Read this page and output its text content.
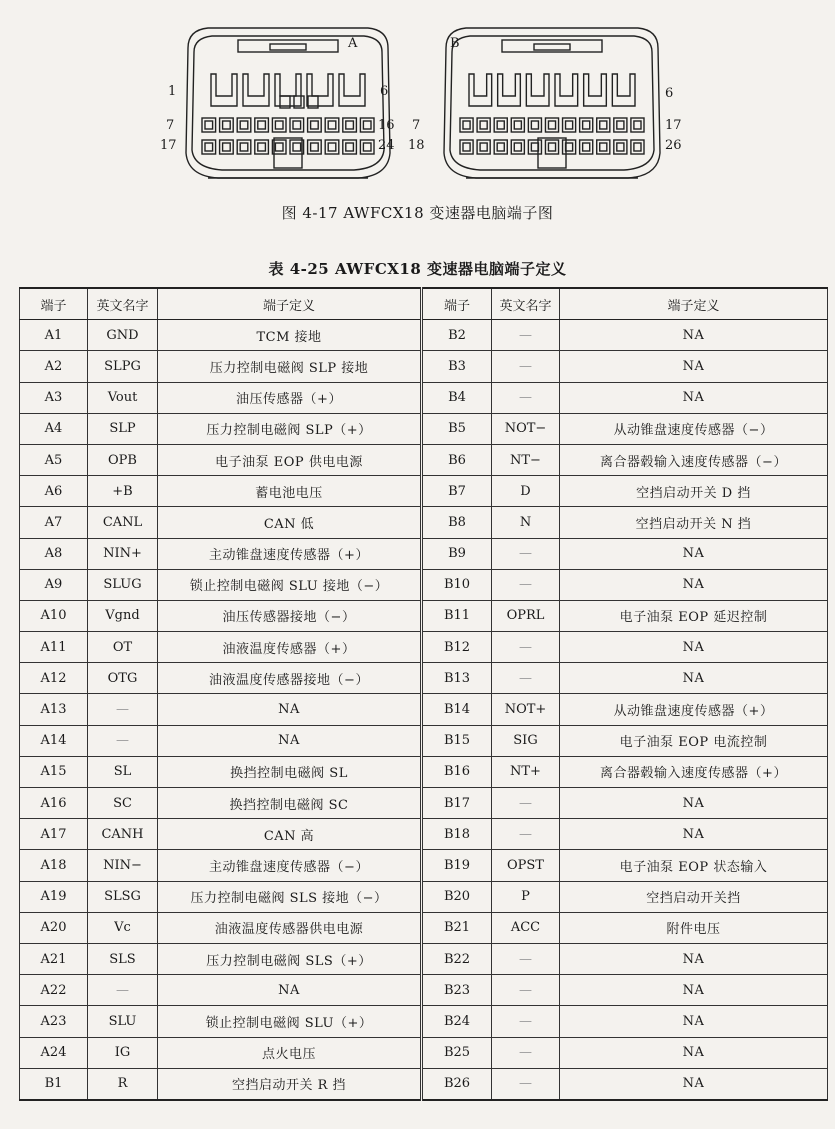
A
1	6
7	16
17	24
B
6
7	17
18	26
图 4-17 AWFCX18 变速器电脑端子图
表 4-25 AWFCX18 变速器电脑端子定义
端子	英文名字	端子定义	端子	英文名字	端子定义
A1	GND	TCM 接地	B2	—	NA
A2	SLPG	压力控制电磁阀 SLP 接地	B3	—	NA
A3	Vout	油压传感器（+）	B4	—	NA
A4	SLP	压力控制电磁阀 SLP（+）	B5	NOT−	从动锥盘速度传感器（−）
A5	OPB	电子油泵 EOP 供电电源	B6	NT−	离合器毂输入速度传感器（−）
A6	+B	蓄电池电压	B7	D	空挡启动开关 D 挡
A7	CANL	CAN 低	B8	N	空挡启动开关 N 挡
A8	NIN+	主动锥盘速度传感器（+）	B9	—	NA
A9	SLUG	锁止控制电磁阀 SLU 接地（−）	B10	—	NA
A10	Vgnd	油压传感器接地（−）	B11	OPRL	电子油泵 EOP 延迟控制
A11	OT	油液温度传感器（+）	B12	—	NA
A12	OTG	油液温度传感器接地（−）	B13	—	NA
A13	—	NA	B14	NOT+	从动锥盘速度传感器（+）
A14	—	NA	B15	SIG	电子油泵 EOP 电流控制
A15	SL	换挡控制电磁阀 SL	B16	NT+	离合器毂输入速度传感器（+）
A16	SC	换挡控制电磁阀 SC	B17	—	NA
A17	CANH	CAN 高	B18	—	NA
A18	NIN−	主动锥盘速度传感器（−）	B19	OPST	电子油泵 EOP 状态输入
A19	SLSG	压力控制电磁阀 SLS 接地（−）	B20	P	空挡启动开关挡
A20	Vc	油液温度传感器供电电源	B21	ACC	附件电压
A21	SLS	压力控制电磁阀 SLS（+）	B22	—	NA
A22	—	NA	B23	—	NA
A23	SLU	锁止控制电磁阀 SLU（+）	B24	—	NA
A24	IG	点火电压	B25	—	NA
B1	R	空挡启动开关 R 挡	B26	—	NA
